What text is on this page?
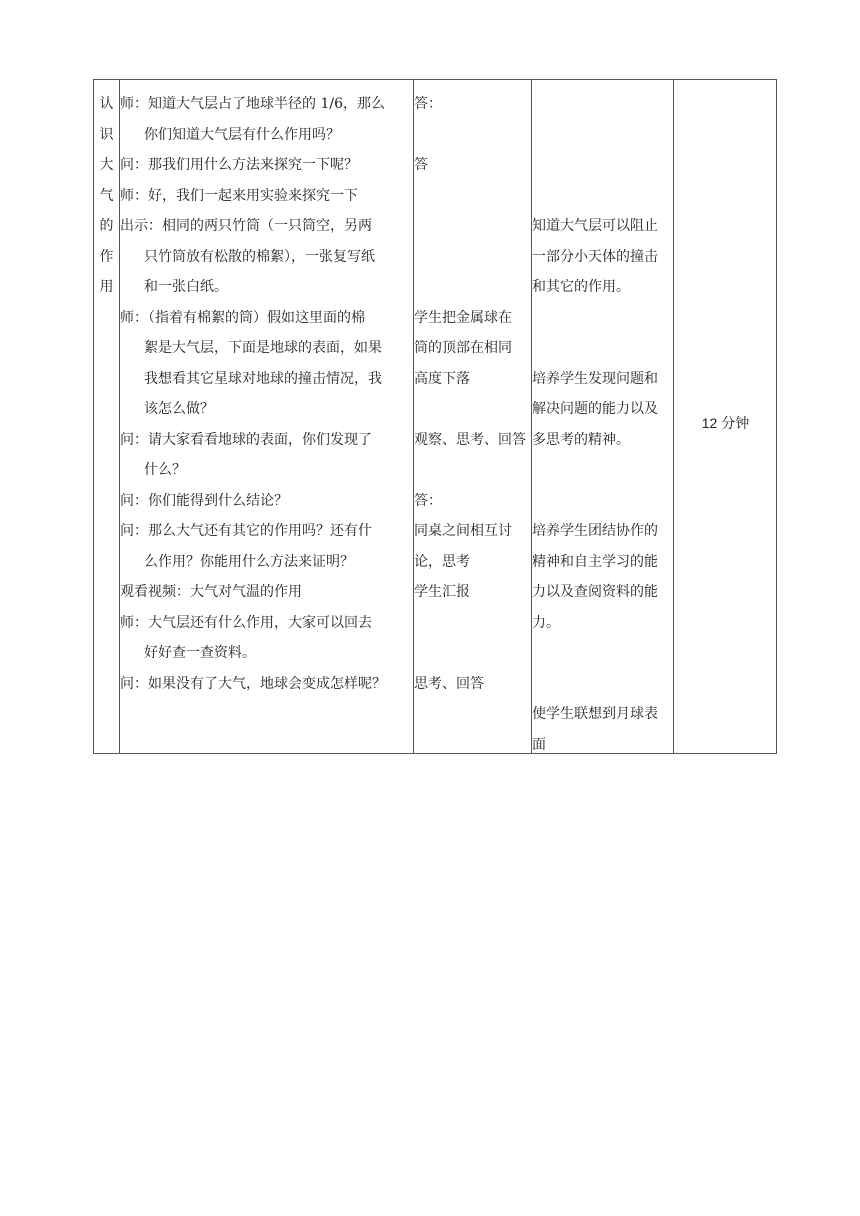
认
识
大
气
的
作
用
师：知道大气层占了地球半径的 1/6，那么
你们知道大气层有什么作用吗？
问：那我们用什么方法来探究一下呢？
师：好，我们一起来用实验来探究一下
出示：相同的两只竹筒（一只筒空，另两
只竹筒放有松散的棉絮），一张复写纸
和一张白纸。
师：（指着有棉絮的筒）假如这里面的棉
絮是大气层，下面是地球的表面，如果
我想看其它星球对地球的撞击情况，我
该怎么做？
问：请大家看看地球的表面，你们发现了
什么？
问：你们能得到什么结论？
问：那么大气还有其它的作用吗？还有什
么作用？你能用什么方法来证明？
观看视频：大气对气温的作用
师：大气层还有什么作用，大家可以回去
好好查一查资料。
问：如果没有了大气，地球会变成怎样呢？
答：
答
学生把金属球在
筒的顶部在相同
高度下落
观察、思考、回答
答：
同桌之间相互讨
论，思考
学生汇报
思考、回答
知道大气层可以阻止
一部分小天体的撞击
和其它的作用。
培养学生发现问题和
解决问题的能力以及
多思考的精神。
培养学生团结协作的
精神和自主学习的能
力以及查阅资料的能
力。
使学生联想到月球表
面
12 分钟
